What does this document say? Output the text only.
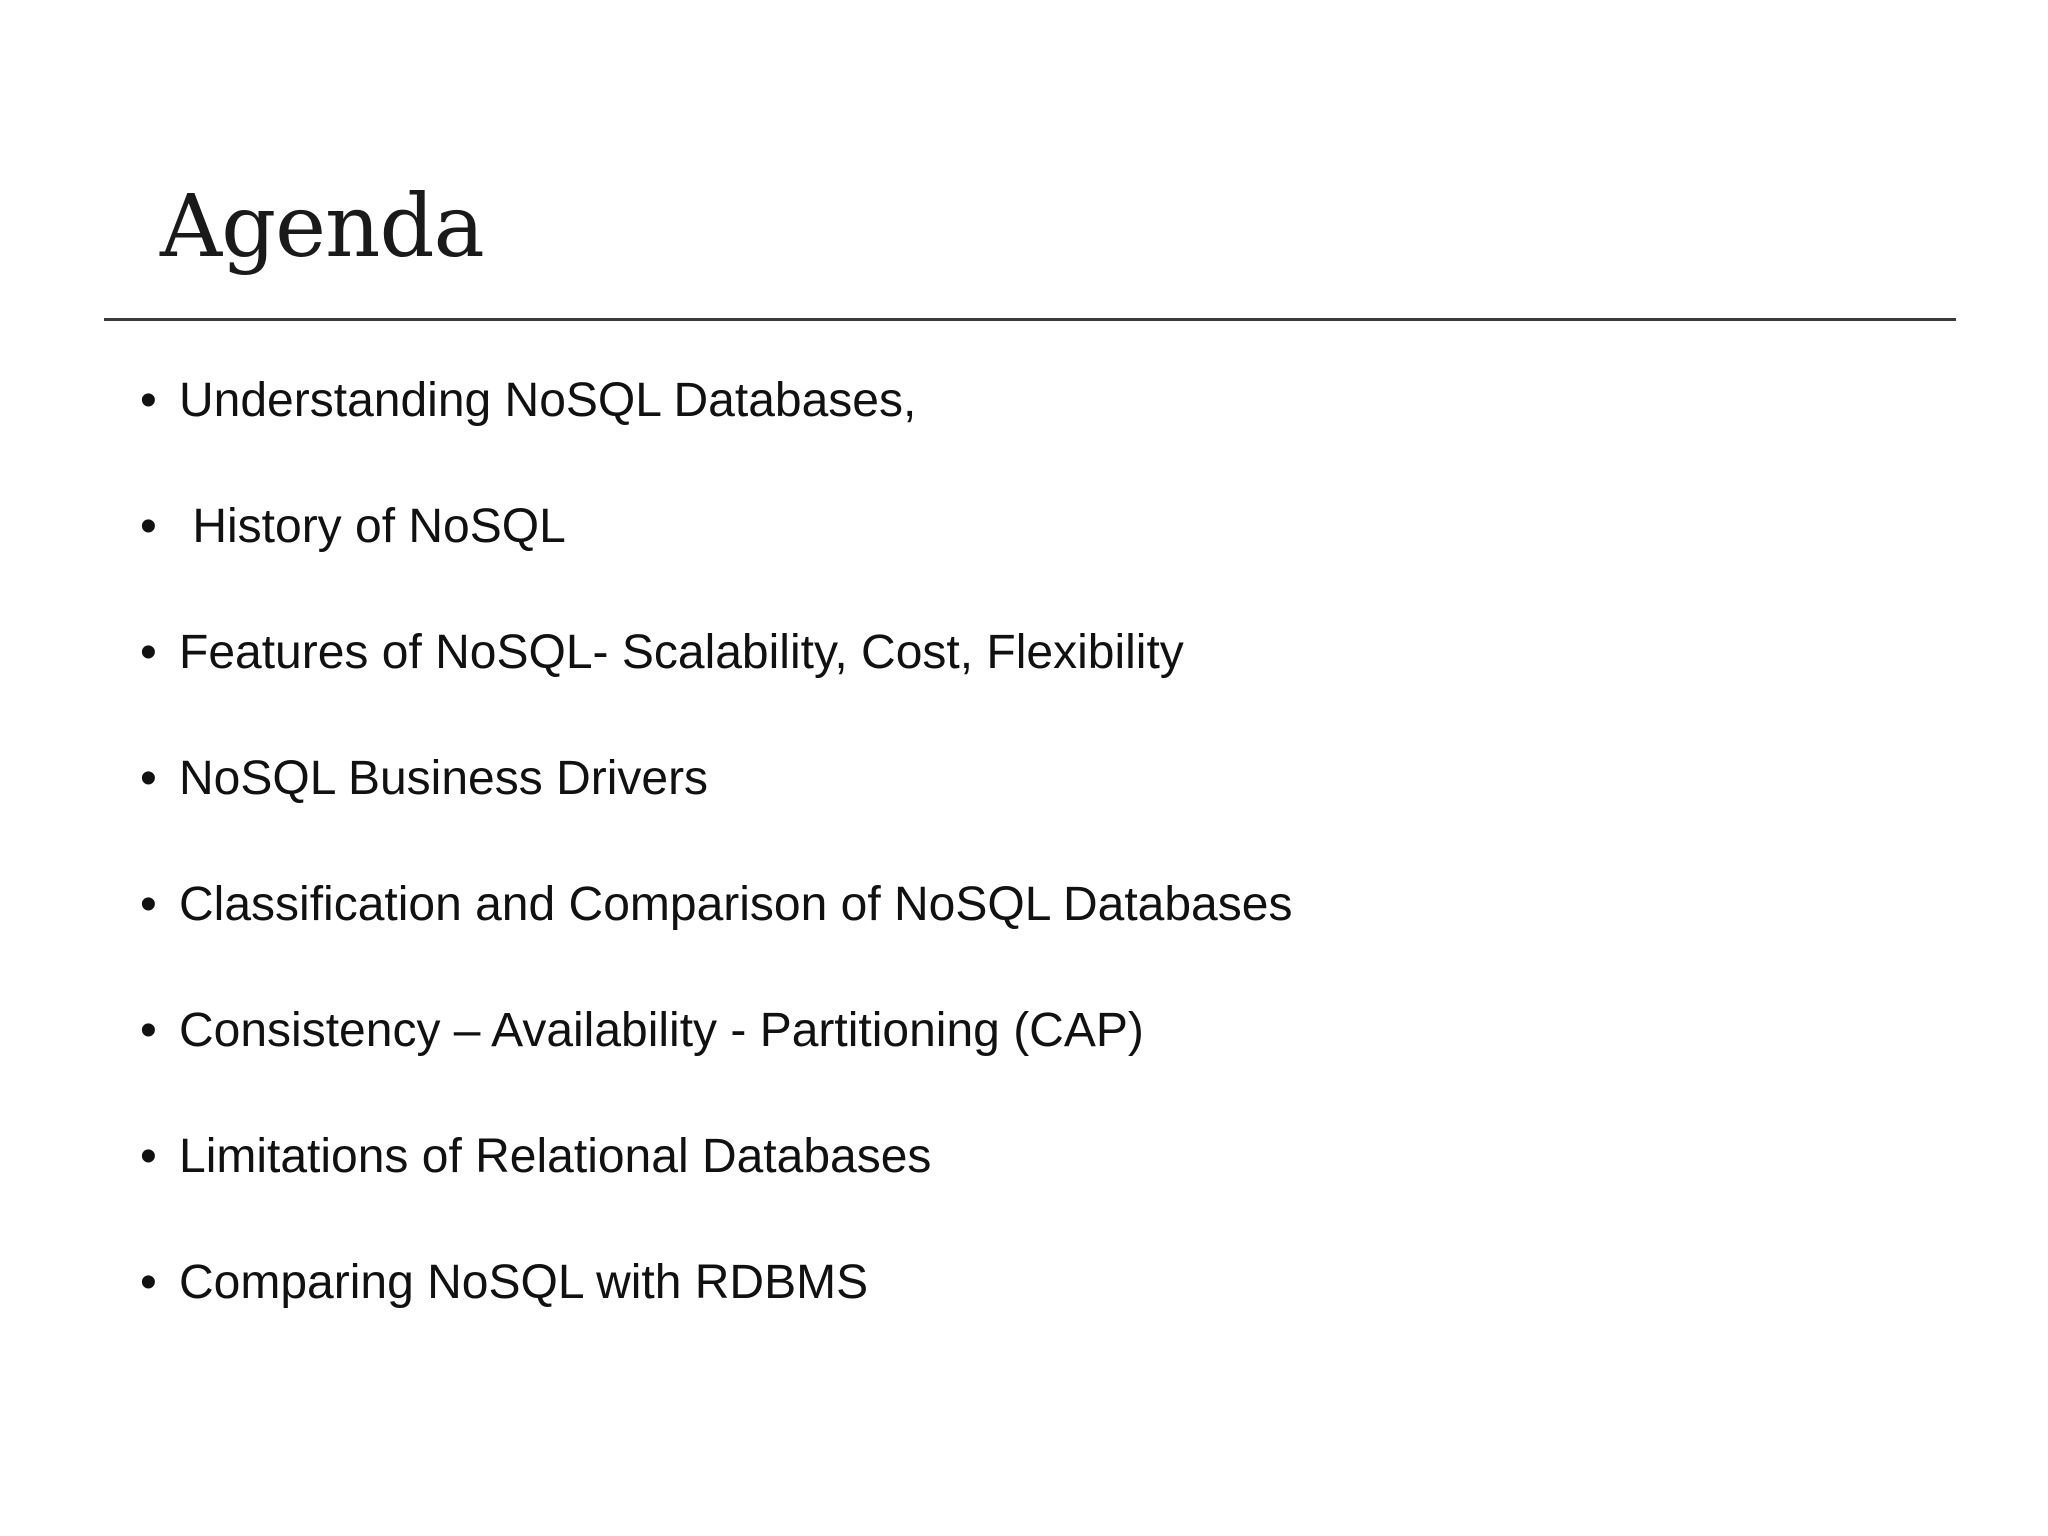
Agenda

•

Understanding NoSQL Databases,

•

History of NoSQL

•

Features of NoSQL- Scalability, Cost, Flexibility

•

NoSQL Business Drivers

•

Classification and Comparison of NoSQL Databases

•

Consistency – Availability - Partitioning (CAP)

•

Limitations of Relational Databases

•

Comparing NoSQL with RDBMS
